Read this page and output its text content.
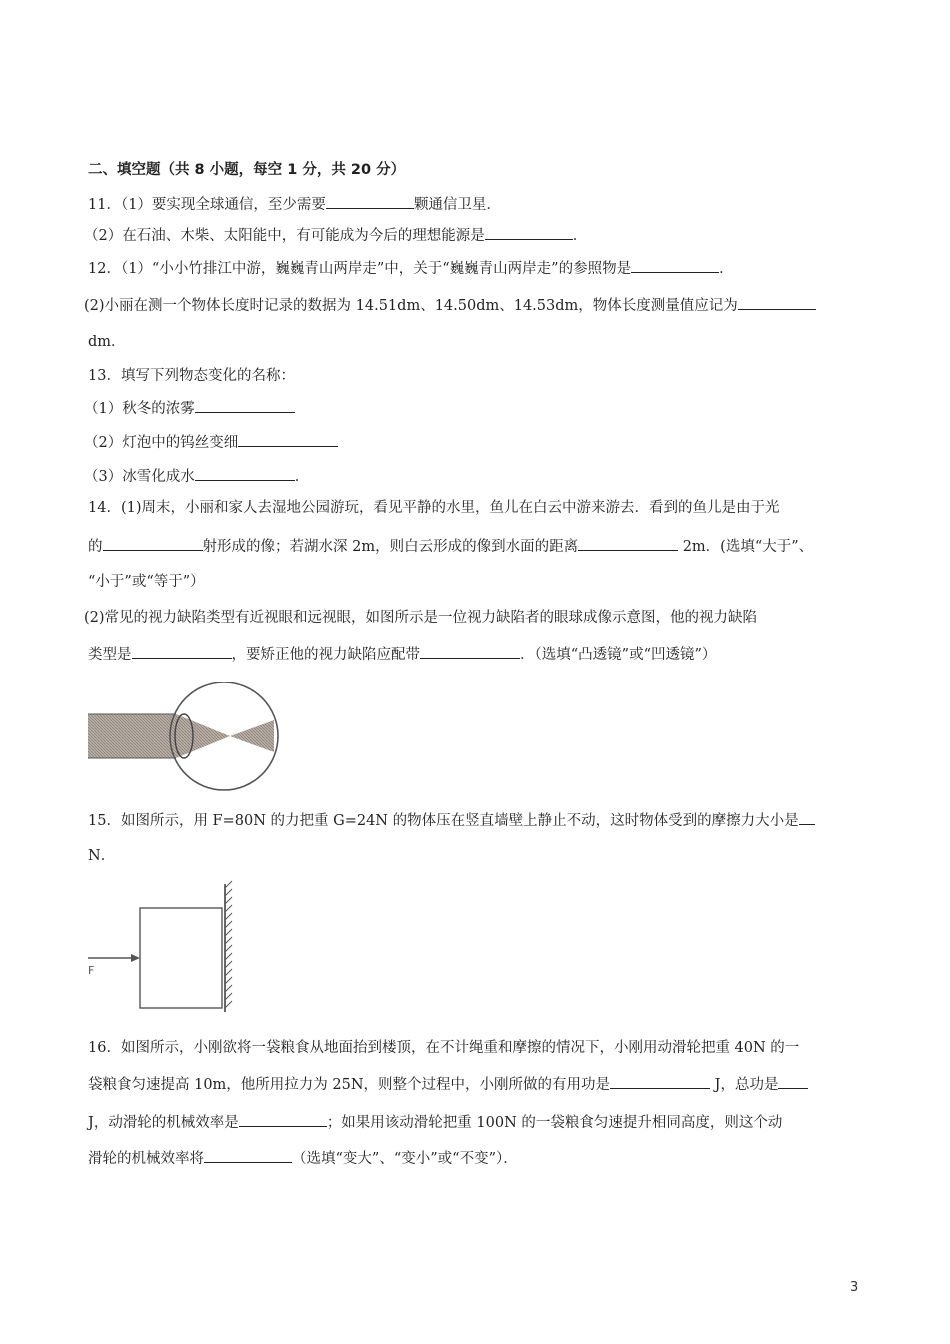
二、填空题（共 8 小题，每空 1 分，共 20 分）
11．（1）要实现全球通信，至少需要	颗通信卫星．
（2）在石油、木柴、太阳能中，有可能成为今后的理想能源是	．
12．（1）“小小竹排江中游，巍巍青山两岸走”中，关于“巍巍青山两岸走”的参照物是	．
(2)小丽在测一个物体长度时记录的数据为 14.51dm、14.50dm、14.53dm，物体长度测量值应记为
dm．
13．填写下列物态变化的名称：
（1）秋冬的浓雾
（2）灯泡中的钨丝变细
（3）冰雪化成水	．
14．(1)周末，小丽和家人去湿地公园游玩，看见平静的水里，鱼儿在白云中游来游去．看到的鱼儿是由于光
的	射形成的像；若湖水深 2m，则白云形成的像到水面的距离	2m．(选填“大于”、
“小于”或“等于”）
(2)常见的视力缺陷类型有近视眼和远视眼，如图所示是一位视力缺陷者的眼球成像示意图，他的视力缺陷
类型是	，要矫正他的视力缺陷应配带	．（选填“凸透镜”或“凹透镜”）
15．如图所示，用 F=80N 的力把重 G=24N 的物体压在竖直墙壁上静止不动，这时物体受到的摩擦力大小是
N．
F
16．如图所示，小刚欲将一袋粮食从地面抬到楼顶，在不计绳重和摩擦的情况下，小刚用动滑轮把重 40N 的一
袋粮食匀速提高 10m，他所用拉力为 25N，则整个过程中，小刚所做的有用功是	J，总功是
J，动滑轮的机械效率是	；如果用该动滑轮把重 100N 的一袋粮食匀速提升相同高度，则这个动
滑轮的机械效率将	（选填“变大”、“变小”或“不变”）．
3
